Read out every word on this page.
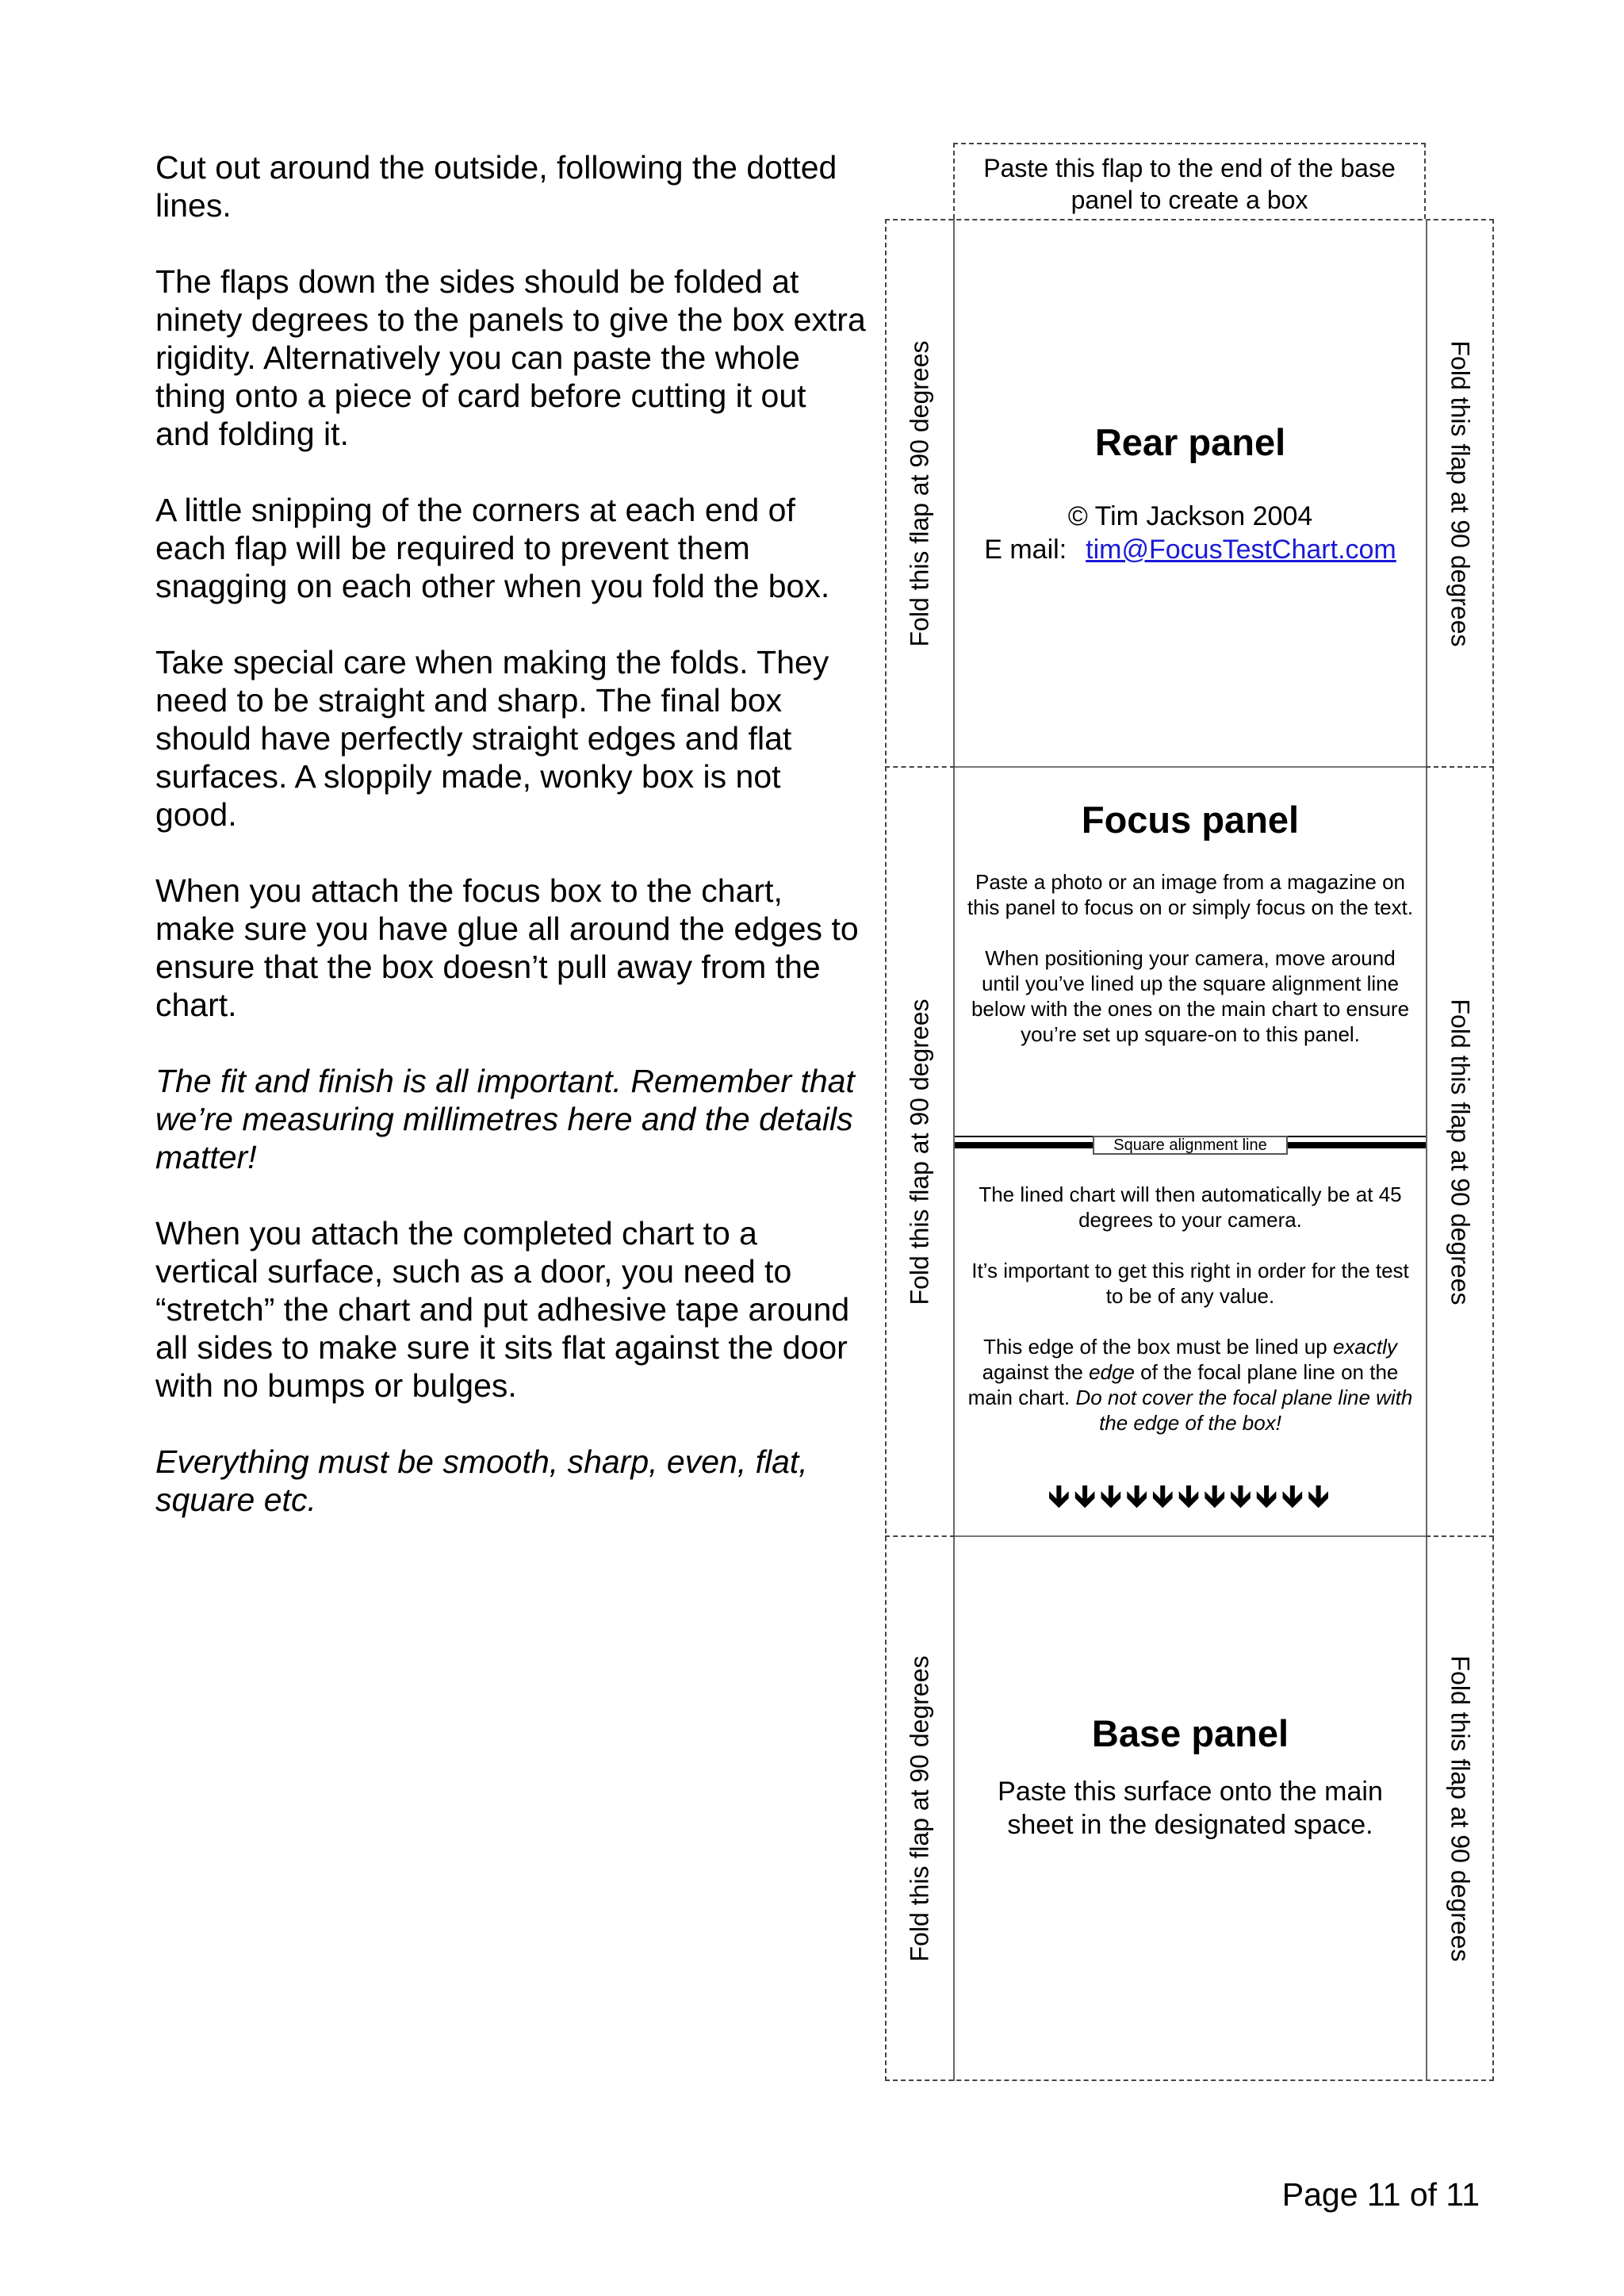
Cut out around the outside, following the dotted lines.

The flaps down the sides should be folded at ninety degrees to the panels to give the box extra rigidity. Alternatively you can paste the whole thing onto a piece of card before cutting it out and folding it.

A little snipping of the corners at each end of each flap will be required to prevent them snagging on each other when you fold the box.

Take special care when making the folds. They need to be straight and sharp. The final box should have perfectly straight edges and flat surfaces. A sloppily made, wonky box is not good.

When you attach the focus box to the chart, make sure you have glue all around the edges to ensure that the box doesn’t pull away from the chart.

The fit and finish is all important. Remember that we’re measuring millimetres here and the details matter!

When you attach the completed chart to a vertical surface, such as a door, you need to “stretch” the chart and put adhesive tape around all sides to make sure it sits flat against the door with no bumps or bulges.

Everything must be smooth, sharp, even, flat, square etc.

Paste this flap to the end of the base panel to create a box
Fold this flap at 90 degrees
Fold this flap at 90 degrees
Fold this flap at 90 degrees
Fold this flap at 90 degrees
Fold this flap at 90 degrees
Fold this flap at 90 degrees
Rear panel
© Tim Jackson 2004
E mail: tim@FocusTestChart.com
Focus panel

Paste a photo or an image from a magazine on this panel to focus on or simply focus on the text.

When positioning your camera, move around until you’ve lined up the square alignment line below with the ones on the main chart to ensure you’re set up square-on to this panel.

Square alignment line

The lined chart will then automatically be at 45 degrees to your camera.

It’s important to get this right in order for the test to be of any value.

This edge of the box must be lined up exactly against the edge of the focal plane line on the main chart. Do not cover the focal plane line with the edge of the box!

🡻🡻🡻🡻🡻🡻🡻🡻🡻🡻🡻
Base panel
Paste this surface onto the main sheet in the designated space.
Page 11 of 11
